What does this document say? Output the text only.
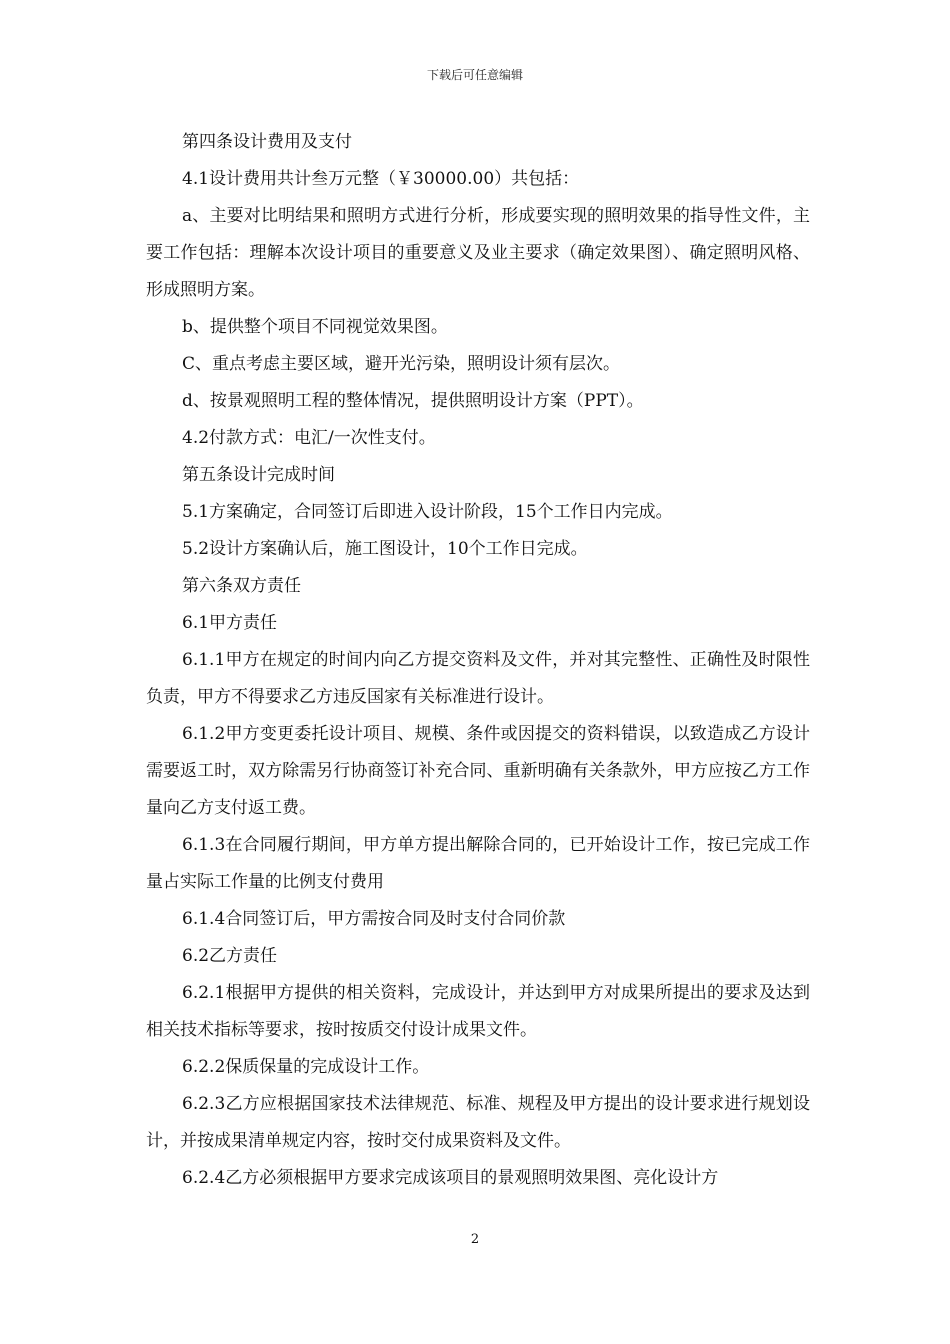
下载后可任意编辑

第四条设计费用及支付

4.1设计费用共计叁万元整（￥30000.00）共包括：

a、主要对比明结果和照明方式进行分析，形成要实现的照明效果的指导性文件，主要工作包括：理解本次设计项目的重要意义及业主要求（确定效果图）、确定照明风格、形成照明方案。

b、提供整个项目不同视觉效果图。

C、重点考虑主要区域，避开光污染，照明设计须有层次。

d、按景观照明工程的整体情况，提供照明设计方案（PPT）。

4.2付款方式：电汇/一次性支付。

第五条设计完成时间

5.1方案确定，合同签订后即进入设计阶段，15个工作日内完成。

5.2设计方案确认后，施工图设计，10个工作日完成。

第六条双方责任

6.1甲方责任

6.1.1甲方在规定的时间内向乙方提交资料及文件，并对其完整性、正确性及时限性负责，甲方不得要求乙方违反国家有关标准进行设计。

6.1.2甲方变更委托设计项目、规模、条件或因提交的资料错误，以致造成乙方设计需要返工时，双方除需另行协商签订补充合同、重新明确有关条款外，甲方应按乙方工作量向乙方支付返工费。

6.1.3在合同履行期间，甲方单方提出解除合同的，已开始设计工作，按已完成工作量占实际工作量的比例支付费用

6.1.4合同签订后，甲方需按合同及时支付合同价款

6.2乙方责任

6.2.1根据甲方提供的相关资料，完成设计，并达到甲方对成果所提出的要求及达到相关技术指标等要求，按时按质交付设计成果文件。

6.2.2保质保量的完成设计工作。

6.2.3乙方应根据国家技术法律规范、标准、规程及甲方提出的设计要求进行规划设计，并按成果清单规定内容，按时交付成果资料及文件。

6.2.4乙方必须根据甲方要求完成该项目的景观照明效果图、亮化设计方

2
